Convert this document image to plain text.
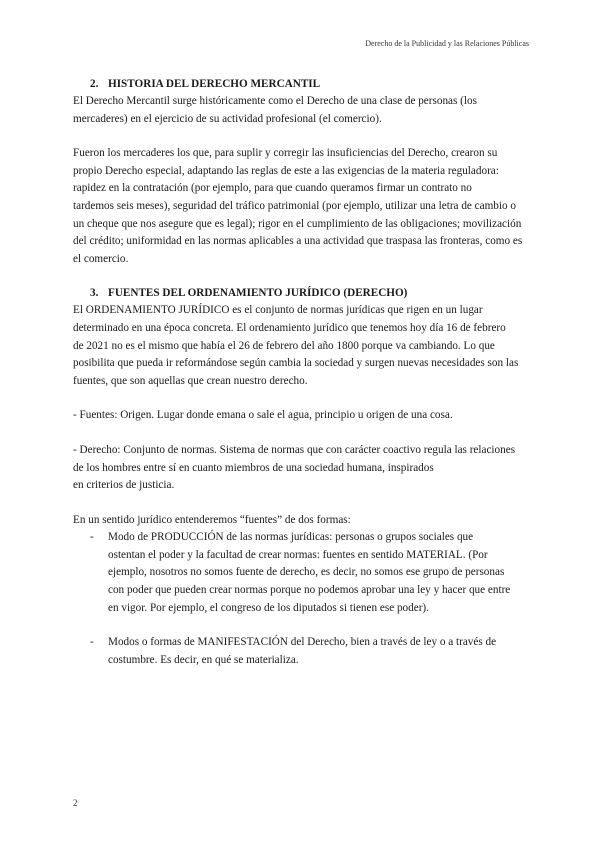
Derecho de la Publicidad y las Relaciones Públicas
2. HISTORIA DEL DERECHO MERCANTIL

El Derecho Mercantil surge históricamente como el Derecho de una clase de personas (los
mercaderes) en el ejercicio de su actividad profesional (el comercio).

Fueron los mercaderes los que, para suplir y corregir las insuficiencias del Derecho, crearon su
propio Derecho especial, adaptando las reglas de este a las exigencias de la materia reguladora:
rapidez en la contratación (por ejemplo, para que cuando queramos firmar un contrato no
tardemos seis meses), seguridad del tráfico patrimonial (por ejemplo, utilizar una letra de cambio o
un cheque que nos asegure que es legal); rigor en el cumplimiento de las obligaciones; movilización
del crédito; uniformidad en las normas aplicables a una actividad que traspasa las fronteras, como es
el comercio.

3. FUENTES DEL ORDENAMIENTO JURÍDICO (DERECHO)

El ORDENAMIENTO JURÍDICO es el conjunto de normas jurídicas que rigen en un lugar
determinado en una época concreta. El ordenamiento jurídico que tenemos hoy día 16 de febrero
de 2021 no es el mismo que había el 26 de febrero del año 1800 porque va cambiando. Lo que
posibilita que pueda ir reformándose según cambia la sociedad y surgen nuevas necesidades son las
fuentes, que son aquellas que crean nuestro derecho.

- Fuentes: Origen. Lugar donde emana o sale el agua, principio u origen de una cosa.

- Derecho: Conjunto de normas. Sistema de normas que con carácter coactivo regula las relaciones
de los hombres entre sí en cuanto miembros de una sociedad humana, inspirados
en criterios de justicia.

En un sentido jurídico entenderemos “fuentes” de dos formas:

- Modo de PRODUCCIÓN de las normas jurídicas: personas o grupos sociales que
ostentan el poder y la facultad de crear normas: fuentes en sentido MATERIAL. (Por
ejemplo, nosotros no somos fuente de derecho, es decir, no somos ese grupo de personas
con poder que pueden crear normas porque no podemos aprobar una ley y hacer que entre
en vigor. Por ejemplo, el congreso de los diputados si tienen ese poder).
- Modos o formas de MANIFESTACIÓN del Derecho, bien a través de ley o a través de
costumbre. Es decir, en qué se materializa.
2
